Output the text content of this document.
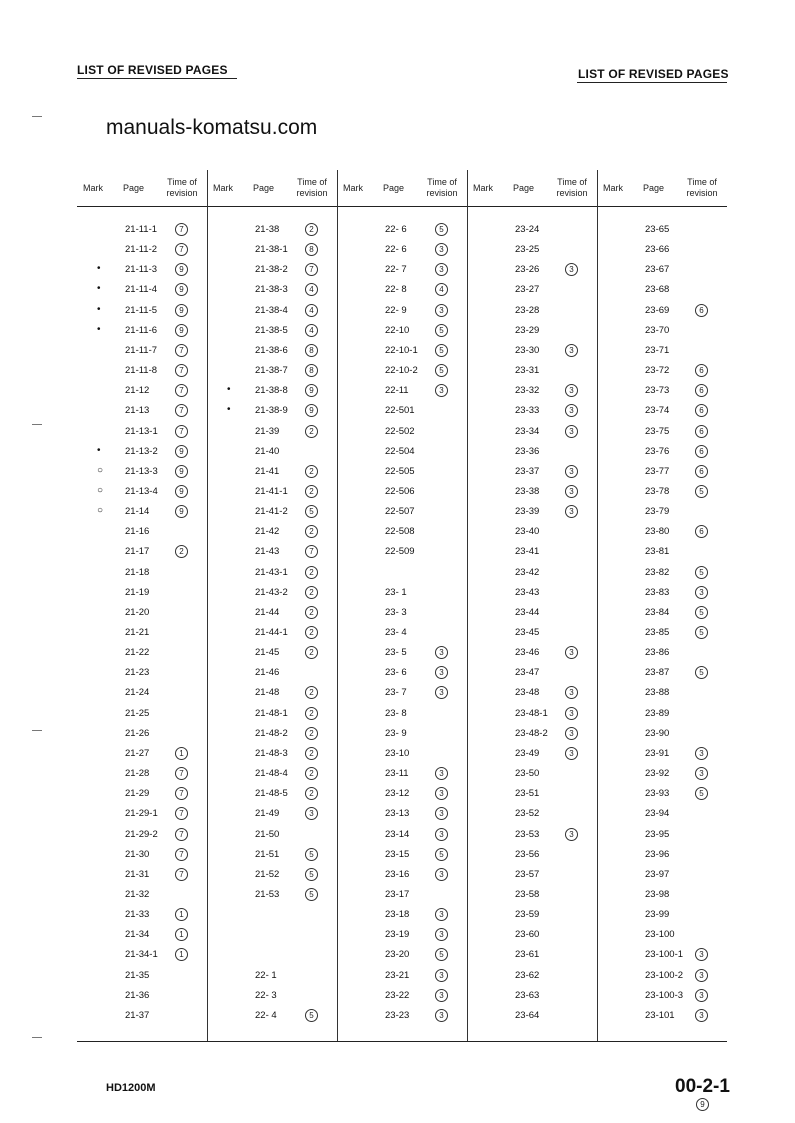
LIST OF REVISED PAGES	LIST OF REVISED PAGES
manuals-komatsu.com
Mark Page
Time of
revision
21-11-1	7
21-11-2	7
•	21-11-3	9
•	21-11-4	9
•	21-11-5	9
•	21-11-6	9
21-11-7	7
21-11-8	7
21-12	7
21-13	7
21-13-1	7
•	21-13-2	9
○ 21-13-3	9
○ 21-13-4	9
○ 21-14	9
21-16
21-17	2
21-18
21-19
21-20
21-21
21-22
21-23
21-24
21-25
21-26
21-27	1
21-28	7
21-29	7
21-29-1	7
21-29-2	7
21-30	7
21-31	7
21-32
21-33	1
21-34	1
21-34-1	1
21-35
21-36
21-37
Mark Page
Time of
revision
21-38	2
21-38-1	8
21-38-2	7
21-38-3	4
21-38-4	4
21-38-5	4
21-38-6	8
21-38-7	8
•	21-38-8	9
•	21-38-9	9
21-39	2
21-40
21-41	2
21-41-1	2
21-41-2	5
21-42	2
21-43	7
21-43-1	2
21-43-2	2
21-44	2
21-44-1	2
21-45	2
21-46
21-48	2
21-48-1	2
21-48-2	2
21-48-3	2
21-48-4	2
21-48-5	2
21-49	3
21-50
21-51	5
21-52	5
21-53	5
22- 1
22- 3
22- 4	5
Mark Page
Time of
revision
22- 6	5
22- 6	3
22- 7	3
22- 8	4
22- 9	3
22-10	5
22-10-1	5
22-10-2	5
22-11	3
22-501
22-502
22-504
22-505
22-506
22-507
22-508
22-509
23- 1
23- 3
23- 4
23- 5	3
23- 6	3
23- 7	3
23- 8
23- 9
23-10
23-11	3
23-12	3
23-13	3
23-14	3
23-15	5
23-16	3
23-17
23-18	3
23-19	3
23-20	5
23-21	3
23-22	3
23-23	3
Mark Page
Time of
revision
23-24
23-25
23-26	3
23-27
23-28
23-29
23-30	3
23-31
23-32	3
23-33	3
23-34	3
23-36
23-37	3
23-38	3
23-39	3
23-40
23-41
23-42
23-43
23-44
23-45
23-46	3
23-47
23-48	3
23-48-1	3
23-48-2	3
23-49	3
23-50
23-51
23-52
23-53	3
23-56
23-57
23-58
23-59
23-60
23-61
23-62
23-63
23-64
Mark Page
Time of
revision
23-65
23-66
23-67
23-68
23-69	6
23-70
23-71
23-72	6
23-73	6
23-74	6
23-75	6
23-76	6
23-77	6
23-78	5
23-79
23-80	6
23-81
23-82	5
23-83	3
23-84	5
23-85	5
23-86
23-87	5
23-88
23-89
23-90
23-91	3
23-92	3
23-93	5
23-94
23-95
23-96
23-97
23-98
23-99
23-100
23-100-1	3
23-100-2	3
23-100-3	3
23-101	3
HD1200M	00-2-1
9
